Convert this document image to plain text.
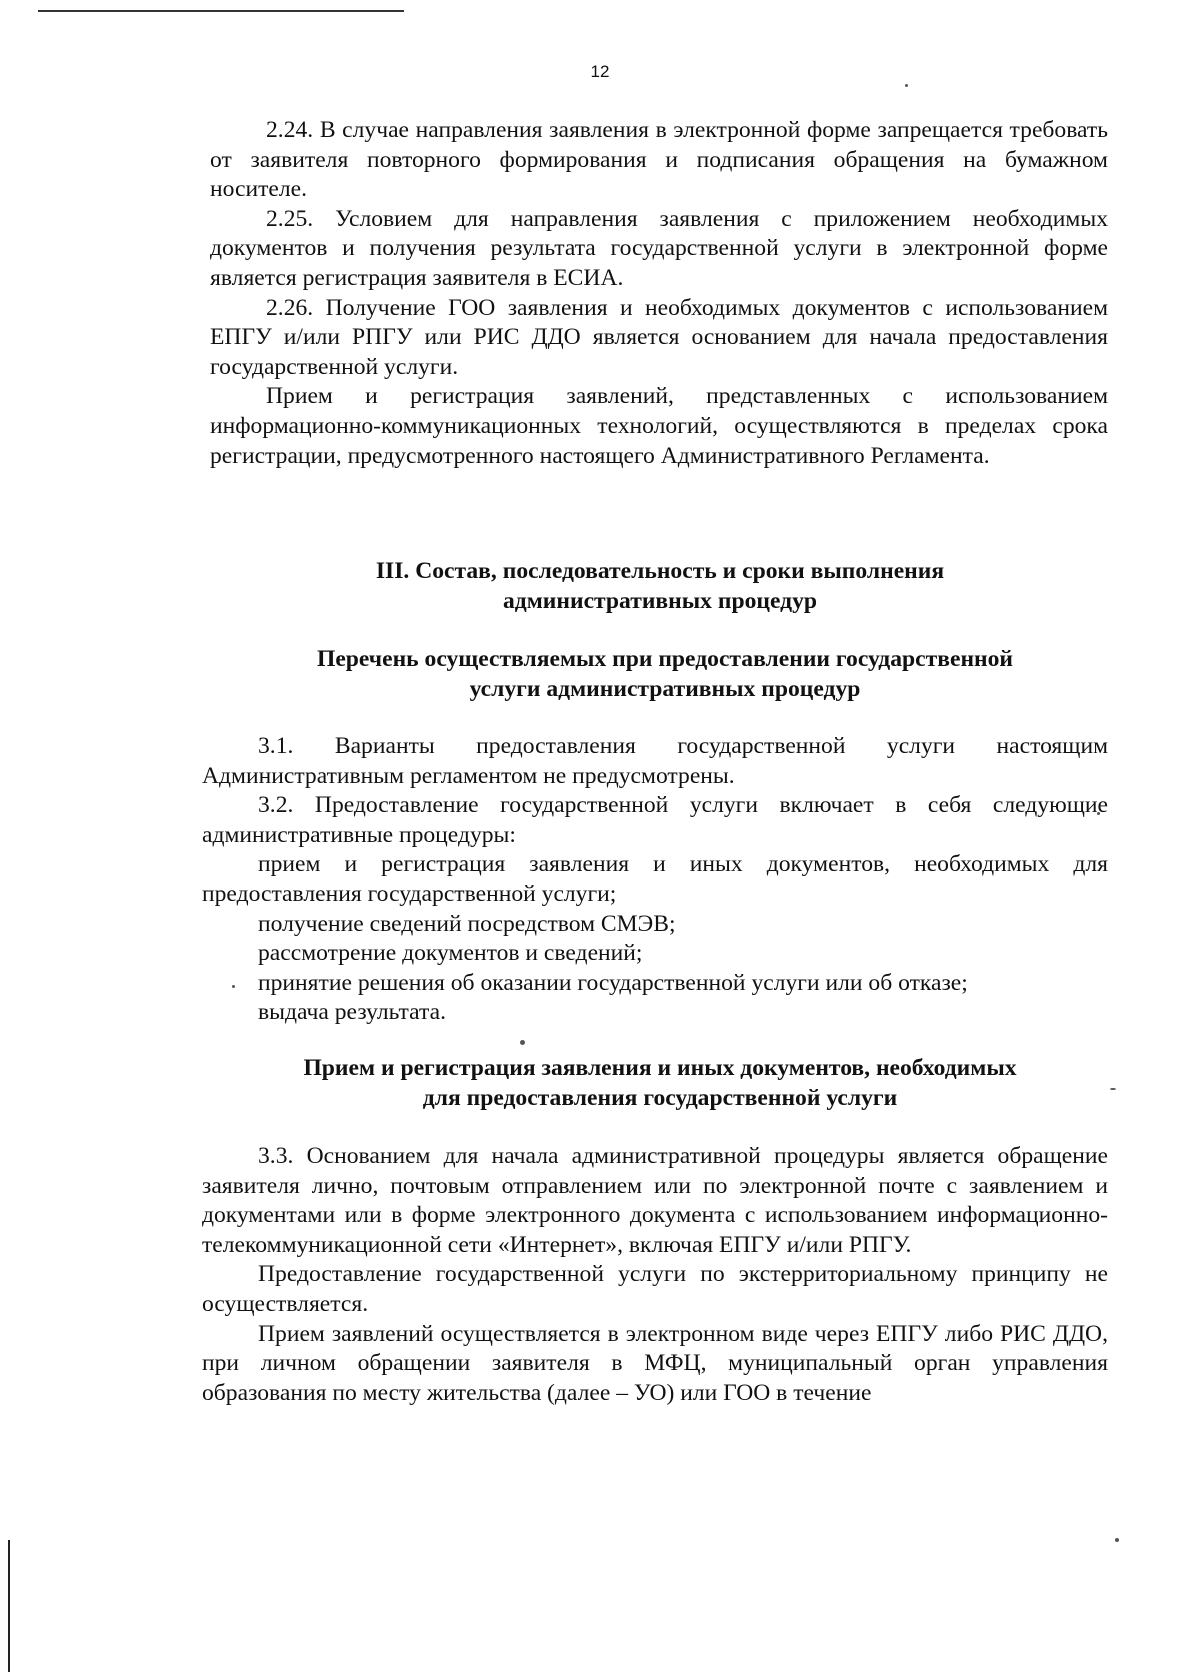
12

2.24. В случае направления заявления в электронной форме запрещается требовать от заявителя повторного формирования и подписания обращения на бумажном носителе.

2.25. Условием для направления заявления с приложением необходимых документов и получения результата государственной услуги в электронной форме является регистрация заявителя в ЕСИА.

2.26. Получение ГОО заявления и необходимых документов с использованием ЕПГУ и/или РПГУ или РИС ДДО является основанием для начала предоставления государственной услуги.

Прием и регистрация заявлений, представленных с использованием информационно-коммуникационных технологий, осуществляются в пределах срока регистрации, предусмотренного настоящего Административного Регламента.

III. Состав, последовательность и сроки выполнения
административных процедур
Перечень осуществляемых при предоставлении государственной
услуги административных процедур

3.1. Варианты предоставления государственной услуги настоящим Административным регламентом не предусмотрены.

3.2. Предоставление государственной услуги включает в себя следующие административные процедуры:

прием и регистрация заявления и иных документов, необходимых для предоставления государственной услуги;

получение сведений посредством СМЭВ;

рассмотрение документов и сведений;

принятие решения об оказании государственной услуги или об отказе;

выдача результата.

Прием и регистрация заявления и иных документов, необходимых
для предоставления государственной услуги

3.3. Основанием для начала административной процедуры является обращение заявителя лично, почтовым отправлением или по электронной почте с заявлением и документами или в форме электронного документа с использованием информационно-телекоммуникационной сети «Интернет», включая ЕПГУ и/или РПГУ.

Предоставление государственной услуги по экстерриториальному принципу не осуществляется.

Прием заявлений осуществляется в электронном виде через ЕПГУ либо РИС ДДО, при личном обращении заявителя в МФЦ, муниципальный орган управления образования по месту жительства (далее – УО) или ГОО в течение
